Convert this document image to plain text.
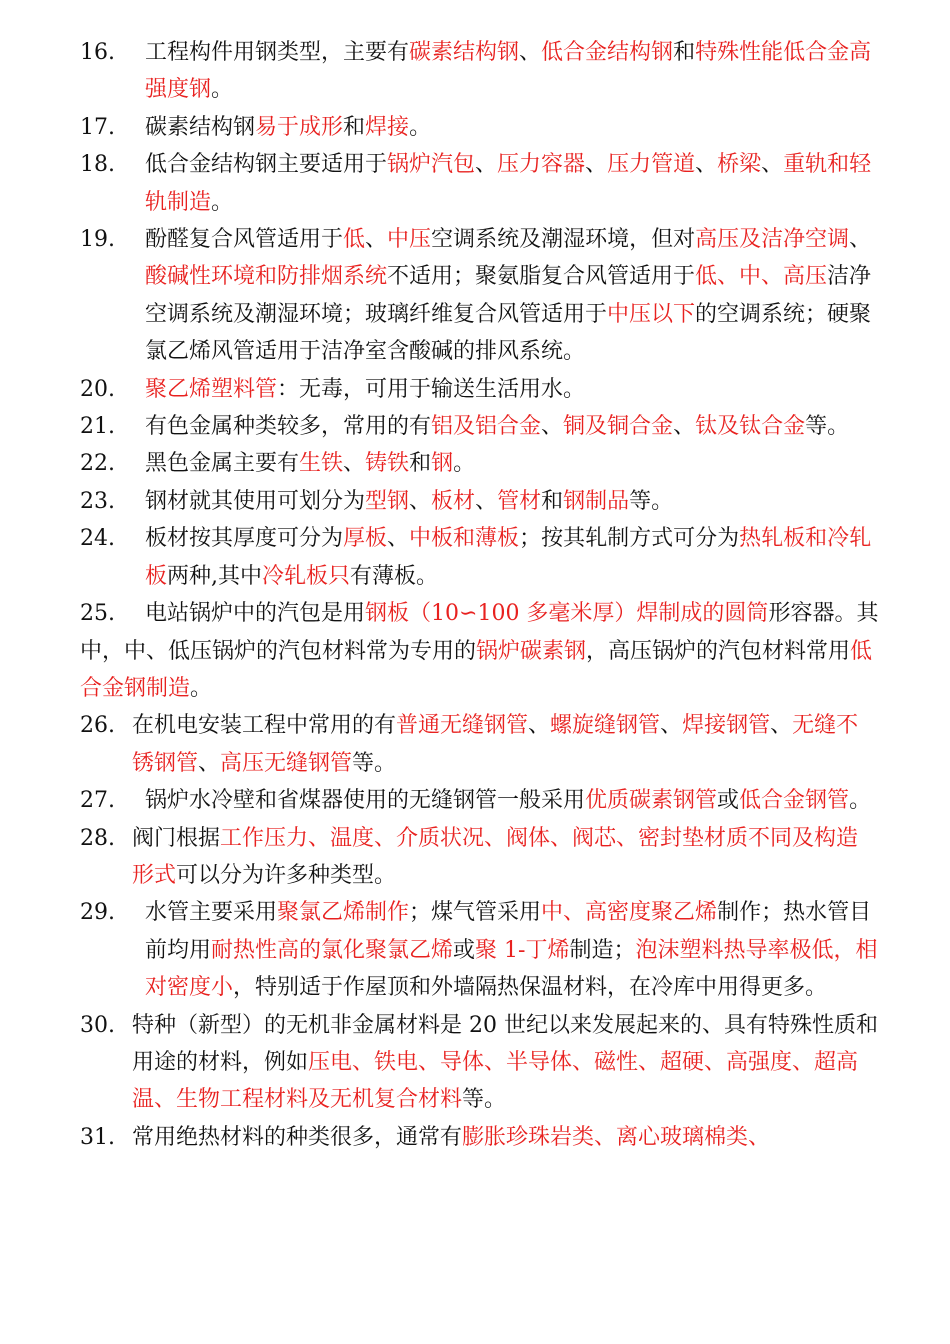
16. 工程构件用钢类型，主要有碳素结构钢、低合金结构钢和特殊性能低合金高强度钢。
17. 碳素结构钢易于成形和焊接。
18. 低合金结构钢主要适用于锅炉汽包、压力容器、压力管道、桥梁、重轨和轻轨制造。
19. 酚醛复合风管适用于低、中压空调系统及潮湿环境，但对高压及洁净空调、酸碱性环境和防排烟系统不适用；聚氨脂复合风管适用于低、中、高压洁净空调系统及潮湿环境；玻璃纤维复合风管适用于中压以下的空调系统；硬聚氯乙烯风管适用于洁净室含酸碱的排风系统。
20. 聚乙烯塑料管：无毒，可用于输送生活用水。
21.	有色金属种类较多，常用的有铝及铝合金、铜及铜合金、钛及钛合金等。
22. 黑色金属主要有生铁、铸铁和钢。
23. 钢材就其使用可划分为型钢、板材、管材和钢制品等。
24. 板材按其厚度可分为厚板、中板和薄板；按其轧制方式可分为热轧板和冷轧板两种,其中冷轧板只有薄板。
25.	电站锅炉中的汽包是用钢板（10∽100 多毫米厚）焊制成的圆筒形容器。其中，中、低压锅炉的汽包材料常为专用的锅炉碳素钢，高压锅炉的汽包材料常用低合金钢制造。
26. 在机电安装工程中常用的有普通无缝钢管、螺旋缝钢管、焊接钢管、无缝不锈钢管、高压无缝钢管等。
27.	锅炉水冷壁和省煤器使用的无缝钢管一般采用优质碳素钢管或低合金钢管。
28. 阀门根据工作压力、温度、介质状况、阀体、阀芯、密封垫材质不同及构造形式可以分为许多种类型。
29. 水管主要采用聚氯乙烯制作；煤气管采用中、高密度聚乙烯制作；热水管目前均用耐热性高的氯化聚氯乙烯或聚 1-丁烯制造；泡沫塑料热导率极低，相对密度小，特别适于作屋顶和外墙隔热保温材料，在冷库中用得更多。
30. 特种（新型）的无机非金属材料是 20 世纪以来发展起来的、具有特殊性质和用途的材料，例如压电、铁电、导体、半导体、磁性、超硬、高强度、超高温、生物工程材料及无机复合材料等。
31. 常用绝热材料的种类很多，通常有膨胀珍珠岩类、离心玻璃棉类、
